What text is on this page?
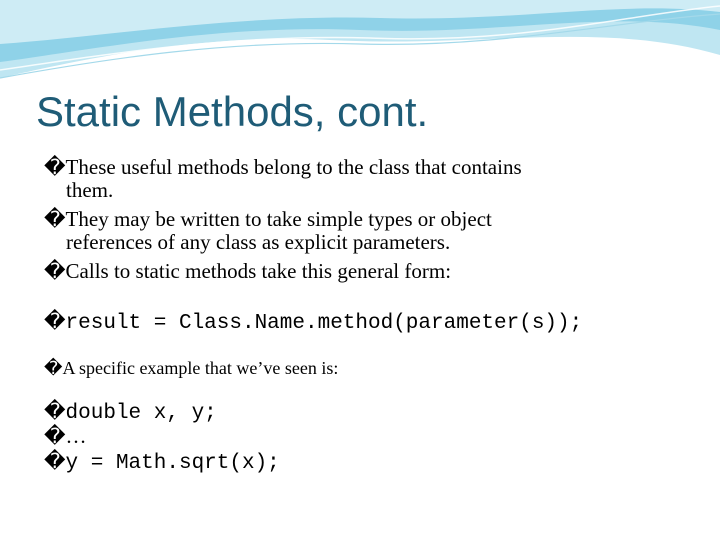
Static Methods, cont.

�These useful methods belong to the class that contains

them.

�They may be written to take simple types or object

references of any class as explicit parameters.

�Calls to static methods take this general form:

�result = Class.Name.method(parameter(s));

�A specific example that we’ve seen is:

�double x, y;

�…

�y = Math.sqrt(x);
